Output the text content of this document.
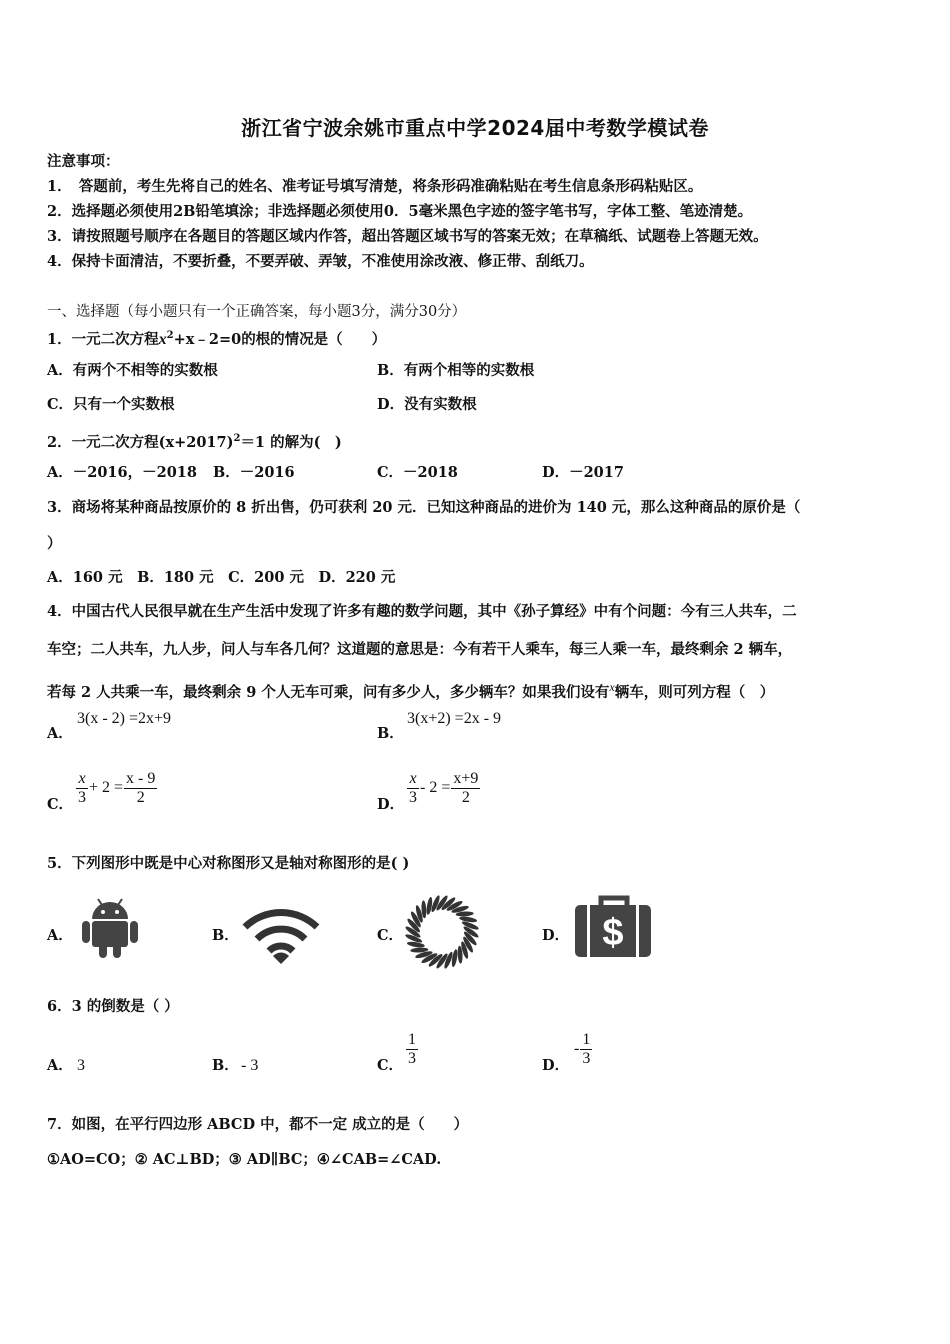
浙江省宁波余姚市重点中学2024届中考数学模试卷
注意事项：
1．　答题前，考生先将自己的姓名、准考证号填写清楚，将条形码准确粘贴在考生信息条形码粘贴区。
2．选择题必须使用2B铅笔填涂；非选择题必须使用0．5毫米黑色字迹的签字笔书写，字体工整、笔迹清楚。
3．请按照题号顺序在各题目的答题区域内作答，超出答题区域书写的答案无效；在草稿纸、试题卷上答题无效。
4．保持卡面清洁，不要折叠，不要弄破、弄皱，不准使用涂改液、修正带、刮纸刀。
一、选择题（每小题只有一个正确答案，每小题3分，满分30分）
1．一元二次方程$x^2+x﹣2=0$的根的情况是（　　）
A．有两个不相等的实数根	B．有两个相等的实数根
C．只有一个实数根	D．没有实数根
2．一元二次方程$(x+2017)^2=1$ 的解为(　)
A．－2016，－2018 B．－2016	C．－2018	D．－2017
3．商场将某种商品按原价的 8 折出售，仍可获利 20 元．已知这种商品的进价为 140 元，那么这种商品的原价是（
）
A．160 元　B．180 元　C．200 元　D．220 元
4．中国古代人民很早就在生产生活中发现了许多有趣的数学问题，其中《孙子算经》中有个问题：今有三人共车，二
车空；二人共车，九人步，问人与车各几何？这道题的意思是：今有若干人乘车，每三人乘一车，最终剩余 2 辆车，
若每 2 人共乘一车，最终剩余 9 个人无车可乘，问有多少人，多少辆车？如果我们设有$^x$辆车，则可列方程（　）
A．
3(x - 2) =2x+9
B．
3(x+2) =2x - 9
C． $\frac{x}{3} + 2 = \frac{x - 9}{2}$	D． $\frac{x}{3} - 2 = \frac{x+9}{2}$
5．下列图形中既是中心对称图形又是轴对称图形的是( )
A．	B．	C．	D． $
6．3 的倒数是（ ）
A． 3	B． - 3	C． $\frac{1}{3}$	D．
- $\frac{1}{3}$
7．如图，在平行四边形 ABCD 中，都不一定 成立的是（　　）
①AO=CO；② AC⊥BD；③ AD∥BC；④∠CAB=∠CAD.
